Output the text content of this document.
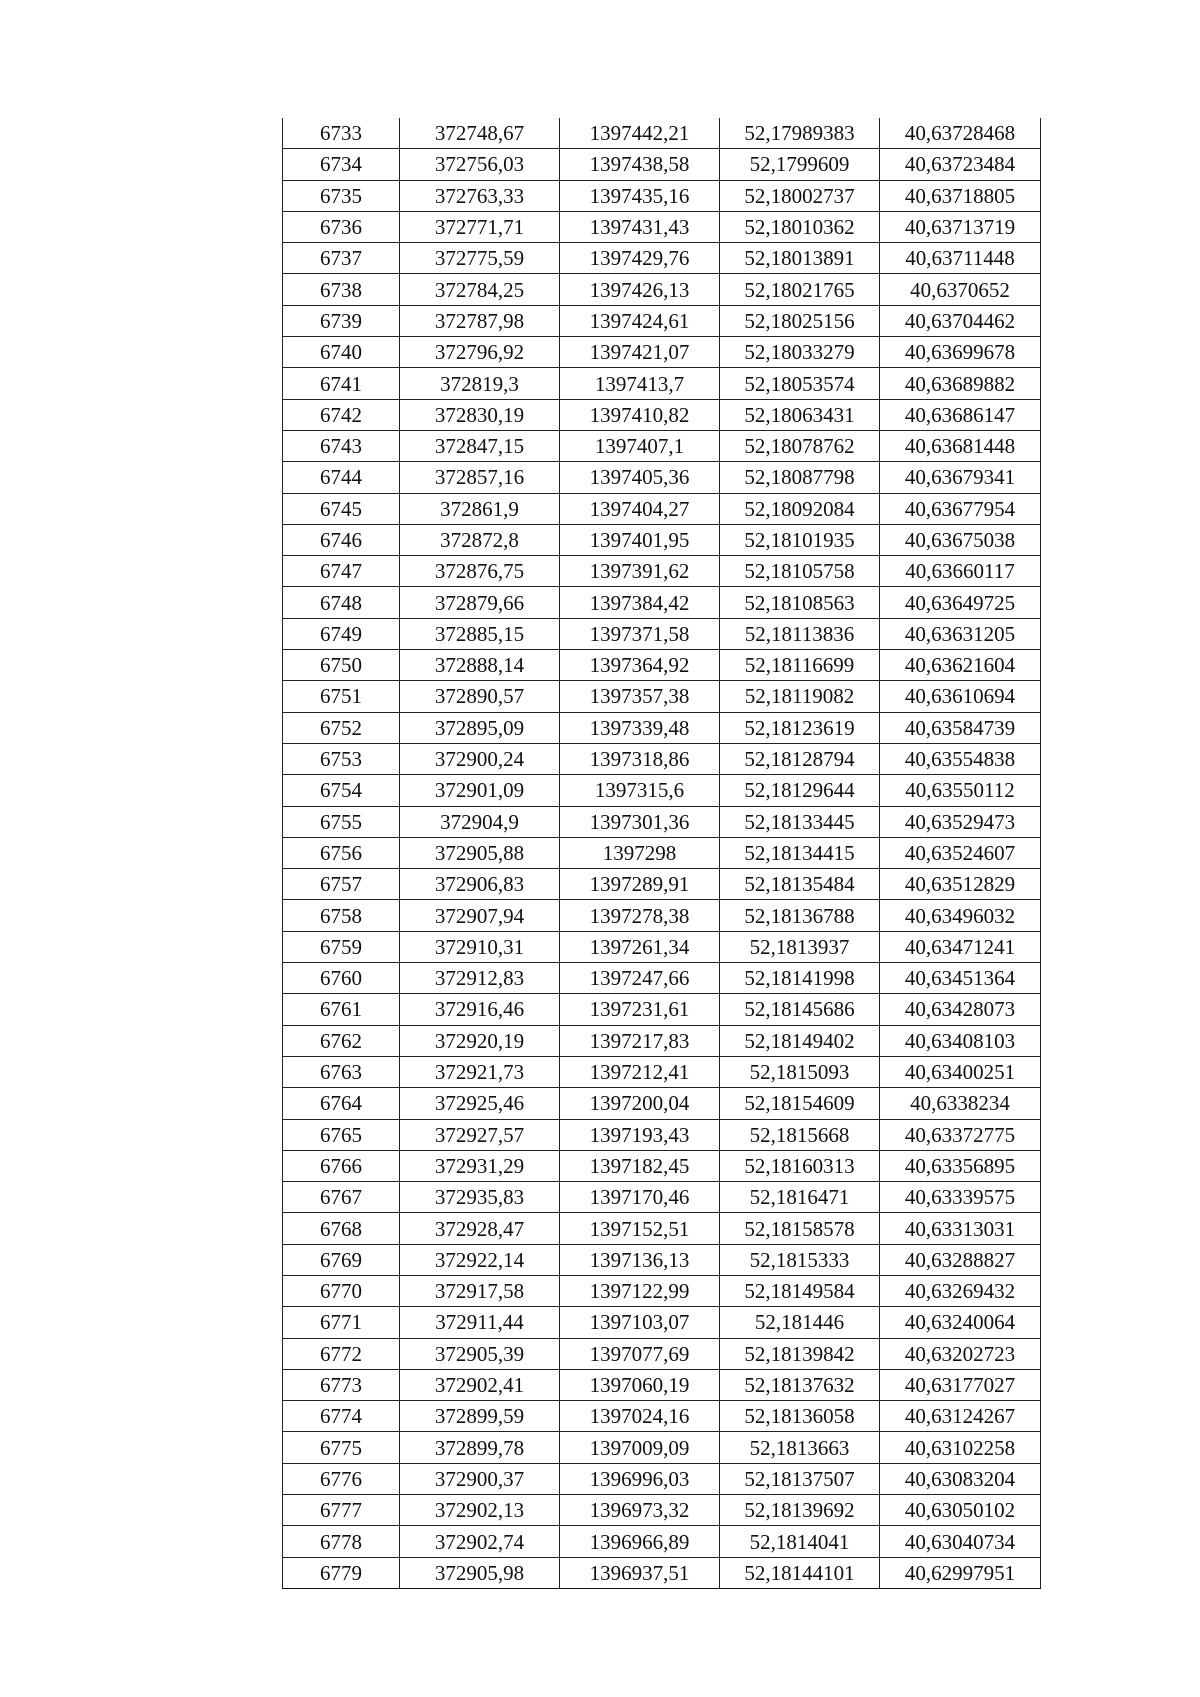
6733	372748,67	1397442,21	52,17989383	40,63728468
6734	372756,03	1397438,58	52,1799609	40,63723484
6735	372763,33	1397435,16	52,18002737	40,63718805
6736	372771,71	1397431,43	52,18010362	40,63713719
6737	372775,59	1397429,76	52,18013891	40,63711448
6738	372784,25	1397426,13	52,18021765	40,6370652
6739	372787,98	1397424,61	52,18025156	40,63704462
6740	372796,92	1397421,07	52,18033279	40,63699678
6741	372819,3	1397413,7	52,18053574	40,63689882
6742	372830,19	1397410,82	52,18063431	40,63686147
6743	372847,15	1397407,1	52,18078762	40,63681448
6744	372857,16	1397405,36	52,18087798	40,63679341
6745	372861,9	1397404,27	52,18092084	40,63677954
6746	372872,8	1397401,95	52,18101935	40,63675038
6747	372876,75	1397391,62	52,18105758	40,63660117
6748	372879,66	1397384,42	52,18108563	40,63649725
6749	372885,15	1397371,58	52,18113836	40,63631205
6750	372888,14	1397364,92	52,18116699	40,63621604
6751	372890,57	1397357,38	52,18119082	40,63610694
6752	372895,09	1397339,48	52,18123619	40,63584739
6753	372900,24	1397318,86	52,18128794	40,63554838
6754	372901,09	1397315,6	52,18129644	40,63550112
6755	372904,9	1397301,36	52,18133445	40,63529473
6756	372905,88	1397298	52,18134415	40,63524607
6757	372906,83	1397289,91	52,18135484	40,63512829
6758	372907,94	1397278,38	52,18136788	40,63496032
6759	372910,31	1397261,34	52,1813937	40,63471241
6760	372912,83	1397247,66	52,18141998	40,63451364
6761	372916,46	1397231,61	52,18145686	40,63428073
6762	372920,19	1397217,83	52,18149402	40,63408103
6763	372921,73	1397212,41	52,1815093	40,63400251
6764	372925,46	1397200,04	52,18154609	40,6338234
6765	372927,57	1397193,43	52,1815668	40,63372775
6766	372931,29	1397182,45	52,18160313	40,63356895
6767	372935,83	1397170,46	52,1816471	40,63339575
6768	372928,47	1397152,51	52,18158578	40,63313031
6769	372922,14	1397136,13	52,1815333	40,63288827
6770	372917,58	1397122,99	52,18149584	40,63269432
6771	372911,44	1397103,07	52,181446	40,63240064
6772	372905,39	1397077,69	52,18139842	40,63202723
6773	372902,41	1397060,19	52,18137632	40,63177027
6774	372899,59	1397024,16	52,18136058	40,63124267
6775	372899,78	1397009,09	52,1813663	40,63102258
6776	372900,37	1396996,03	52,18137507	40,63083204
6777	372902,13	1396973,32	52,18139692	40,63050102
6778	372902,74	1396966,89	52,1814041	40,63040734
6779	372905,98	1396937,51	52,18144101	40,62997951
